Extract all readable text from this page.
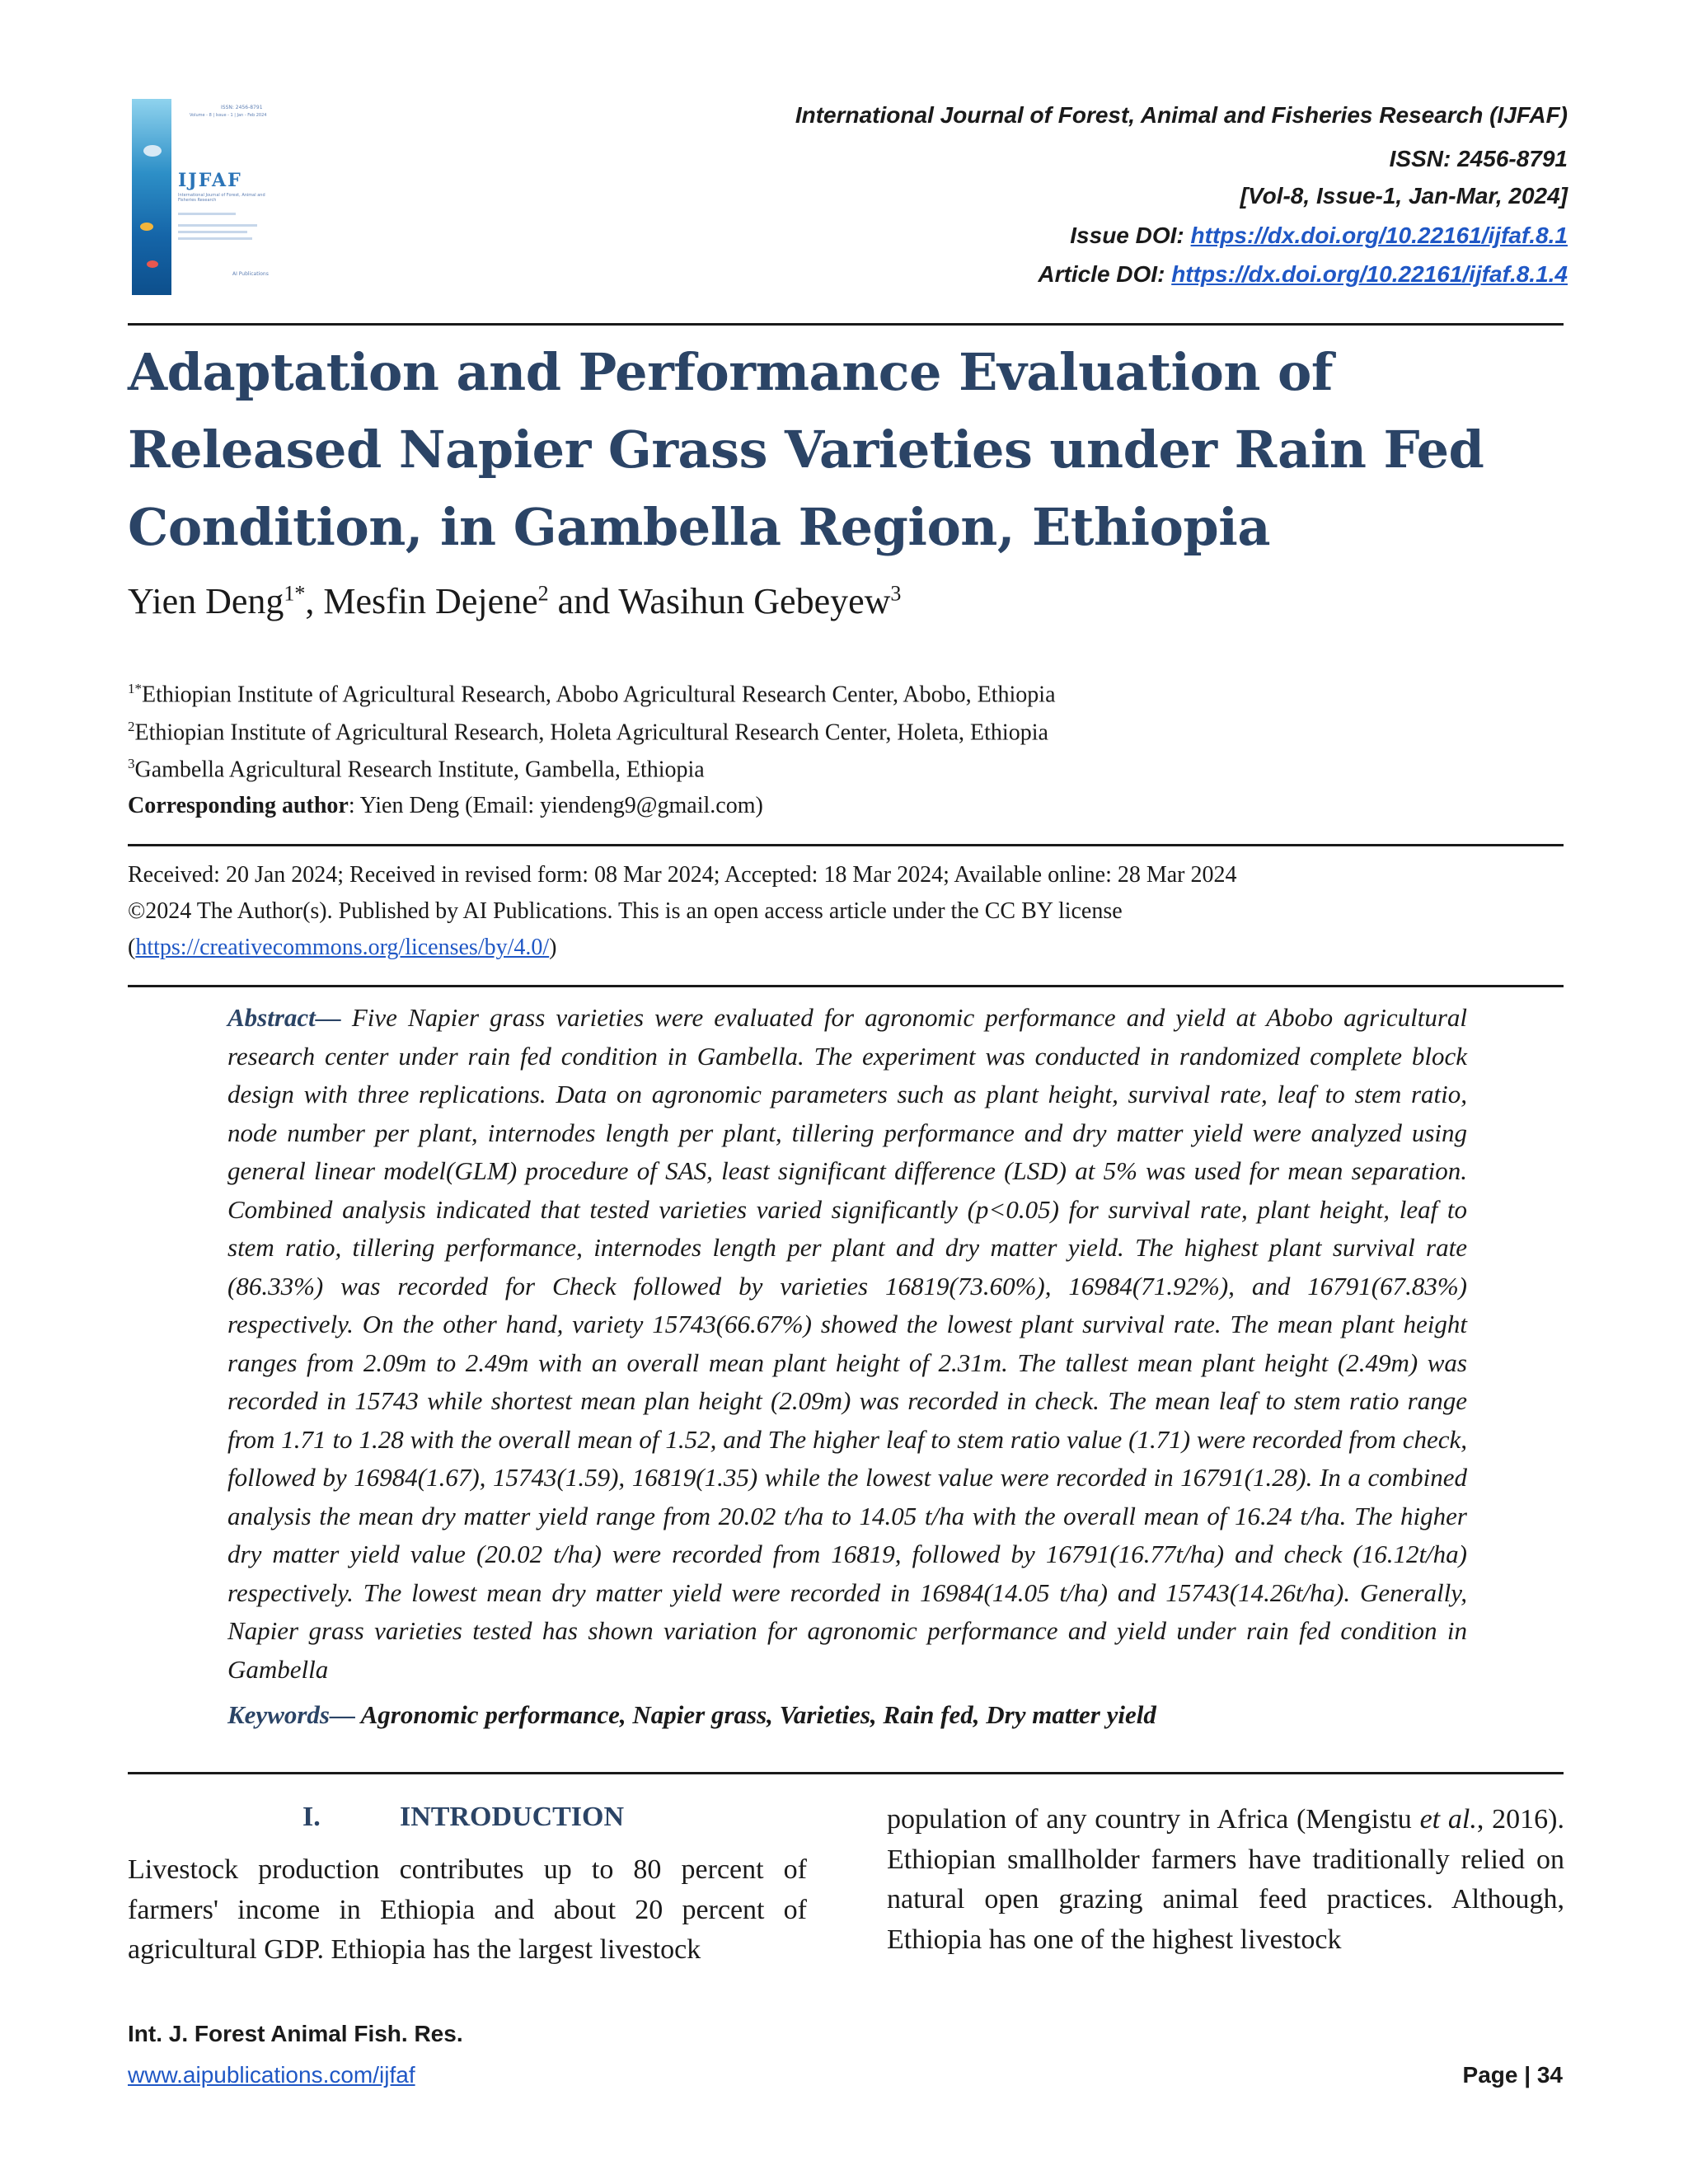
ISSN: 2456-8791
Volume - 8 | Issue - 1 | Jan - Feb 2024
IJFAF
International Journal of Forest, Animal and Fisheries Research
AI Publications
International Journal of Forest, Animal and Fisheries Research (IJFAF)
ISSN: 2456-8791
[Vol-8, Issue-1, Jan-Mar, 2024]
Issue DOI: https://dx.doi.org/10.22161/ijfaf.8.1
Article DOI: https://dx.doi.org/10.22161/ijfaf.8.1.4
Adaptation and Performance Evaluation of Released Napier Grass Varieties under Rain Fed Condition, in Gambella Region, Ethiopia
Yien Deng$^{1*}$, Mesfin Dejene$^2$ and Wasihun Gebeyew$^3$
$^{1*}$Ethiopian Institute of Agricultural Research, Abobo Agricultural Research Center, Abobo, Ethiopia
$^2$Ethiopian Institute of Agricultural Research, Holeta Agricultural Research Center, Holeta, Ethiopia
$^3$Gambella Agricultural Research Institute, Gambella, Ethiopia
Corresponding author: Yien Deng (Email: yiendeng9@gmail.com)
Received: 20 Jan 2024; Received in revised form: 08 Mar 2024; Accepted: 18 Mar 2024; Available online: 28 Mar 2024
©2024 The Author(s). Published by AI Publications. This is an open access article under the CC BY license
(https://creativecommons.org/licenses/by/4.0/)
Abstract— Five Napier grass varieties were evaluated for agronomic performance and yield at Abobo agricultural research center under rain fed condition in Gambella. The experiment was conducted in randomized complete block design with three replications. Data on agronomic parameters such as plant height, survival rate, leaf to stem ratio, node number per plant, internodes length per plant, tillering performance and dry matter yield were analyzed using general linear model(GLM) procedure of SAS, least significant difference (LSD) at 5% was used for mean separation. Combined analysis indicated that tested varieties varied significantly (p<0.05) for survival rate, plant height, leaf to stem ratio, tillering performance, internodes length per plant and dry matter yield. The highest plant survival rate (86.33%) was recorded for Check followed by varieties 16819(73.60%), 16984(71.92%), and 16791(67.83%) respectively. On the other hand, variety 15743(66.67%) showed the lowest plant survival rate. The mean plant height ranges from 2.09m to 2.49m with an overall mean plant height of 2.31m. The tallest mean plant height (2.49m) was recorded in 15743 while shortest mean plan height (2.09m) was recorded in check. The mean leaf to stem ratio range from 1.71 to 1.28 with the overall mean of 1.52, and The higher leaf to stem ratio value (1.71) were recorded from check, followed by 16984(1.67), 15743(1.59), 16819(1.35) while the lowest value were recorded in 16791(1.28). In a combined analysis the mean dry matter yield range from 20.02 t/ha to 14.05 t/ha with the overall mean of 16.24 t/ha. The higher dry matter yield value (20.02 t/ha) were recorded from 16819, followed by 16791(16.77t/ha) and check (16.12t/ha) respectively. The lowest mean dry matter yield were recorded in 16984(14.05 t/ha) and 15743(14.26t/ha). Generally, Napier grass varieties tested has shown variation for agronomic performance and yield under rain fed condition in Gambella
Keywords— Agronomic performance, Napier grass, Varieties, Rain fed, Dry matter yield
I.	INTRODUCTION
Livestock production contributes up to 80 percent of farmers' income in Ethiopia and about 20 percent of agricultural GDP. Ethiopia has the largest livestock
population of any country in Africa (Mengistu et al., 2016). Ethiopian smallholder farmers have traditionally relied on natural open grazing animal feed practices. Although, Ethiopia has one of the highest livestock
Int. J. Forest Animal Fish. Res.
www.aipublications.com/ijfaf	Page | 34
